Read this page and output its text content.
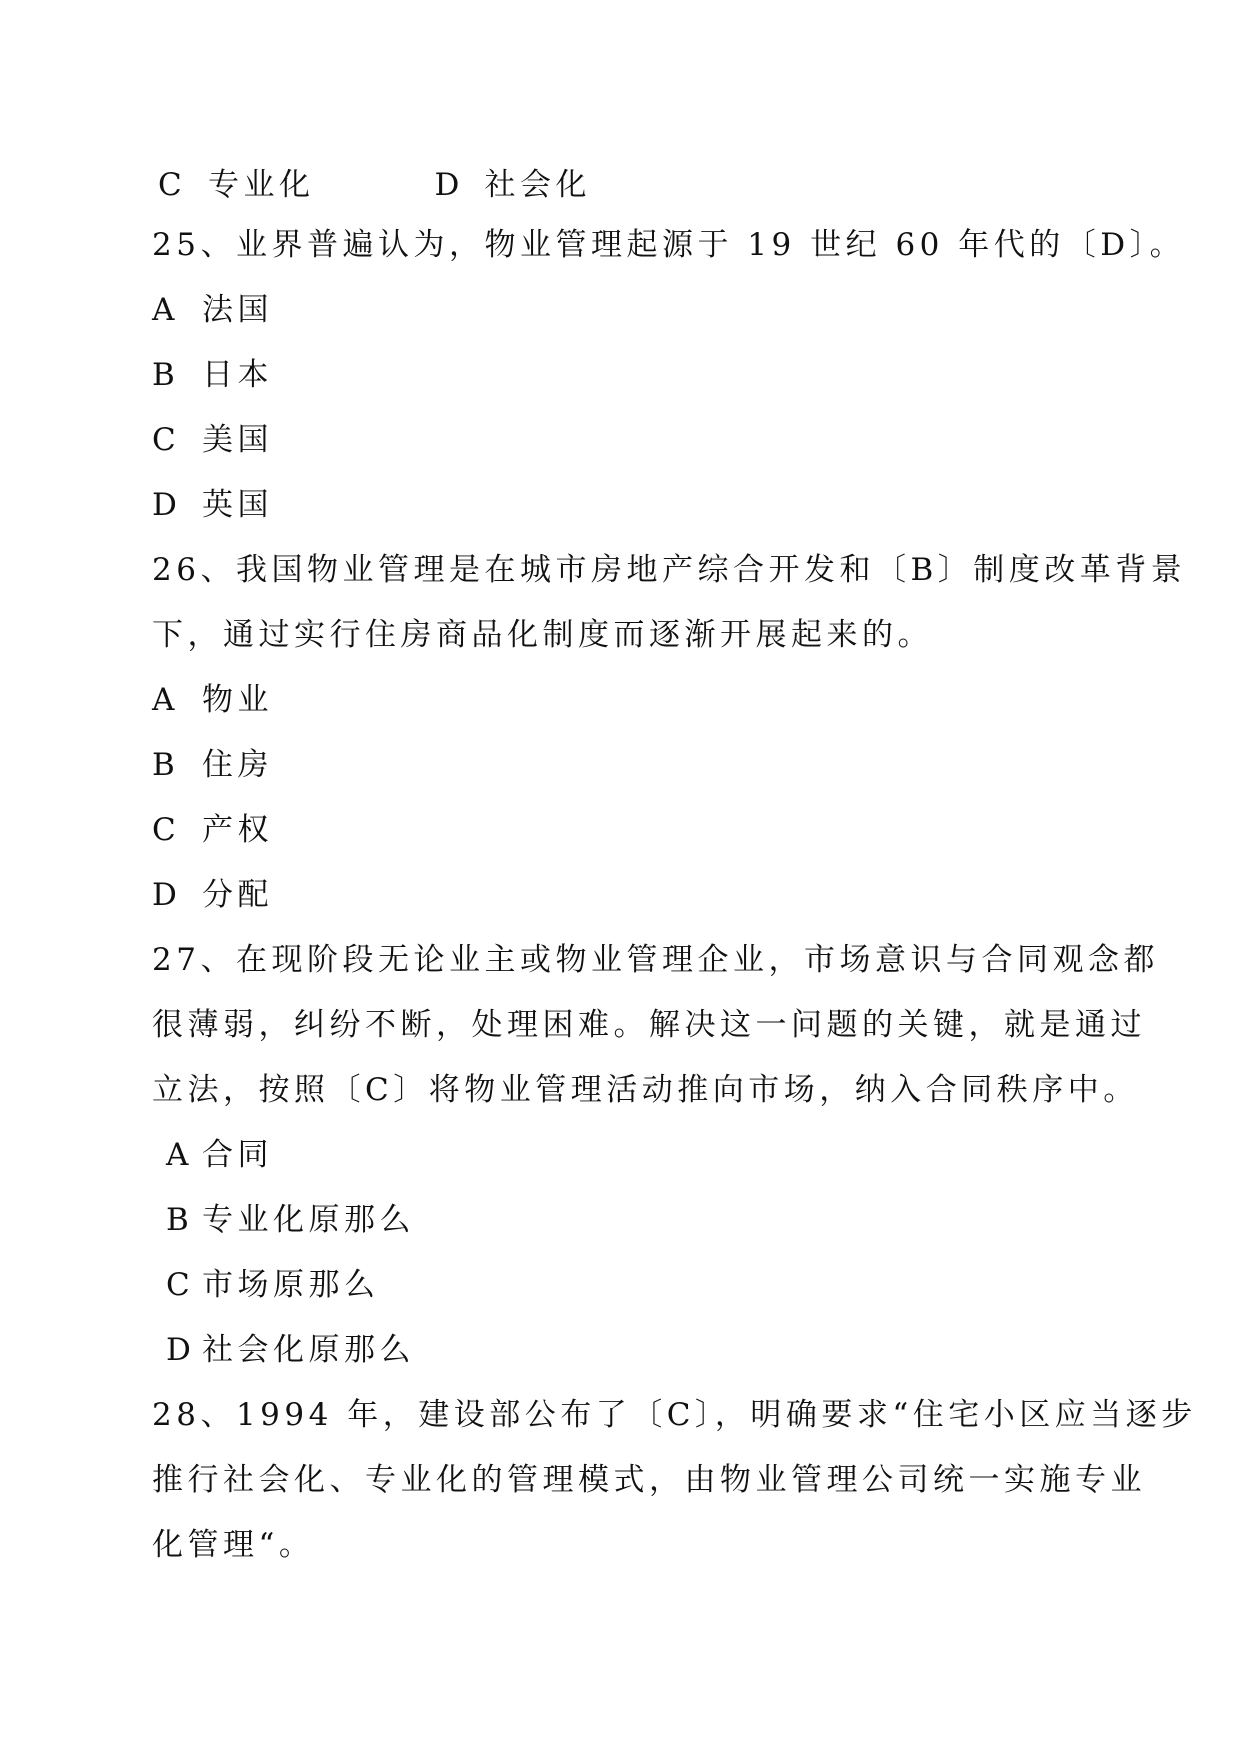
C 专业化	D 社会化
25、业界普遍认为，物业管理起源于 19 世纪 60 年代的〔D〕。
A 法国
B 日本
C 美国
D 英国
26、我国物业管理是在城市房地产综合开发和〔B〕制度改革背景
下，通过实行住房商品化制度而逐渐开展起来的。
A 物业
B 住房
C 产权
D 分配
27、在现阶段无论业主或物业管理企业，市场意识与合同观念都
很薄弱，纠纷不断，处理困难。解决这一问题的关键，就是通过
立法，按照〔C〕将物业管理活动推向市场，纳入合同秩序中。
A 合同
B 专业化原那么
C 市场原那么
D 社会化原那么
28、1994 年，建设部公布了〔C〕，明确要求“住宅小区应当逐步
推行社会化、专业化的管理模式，由物业管理公司统一实施专业
化管理“。
